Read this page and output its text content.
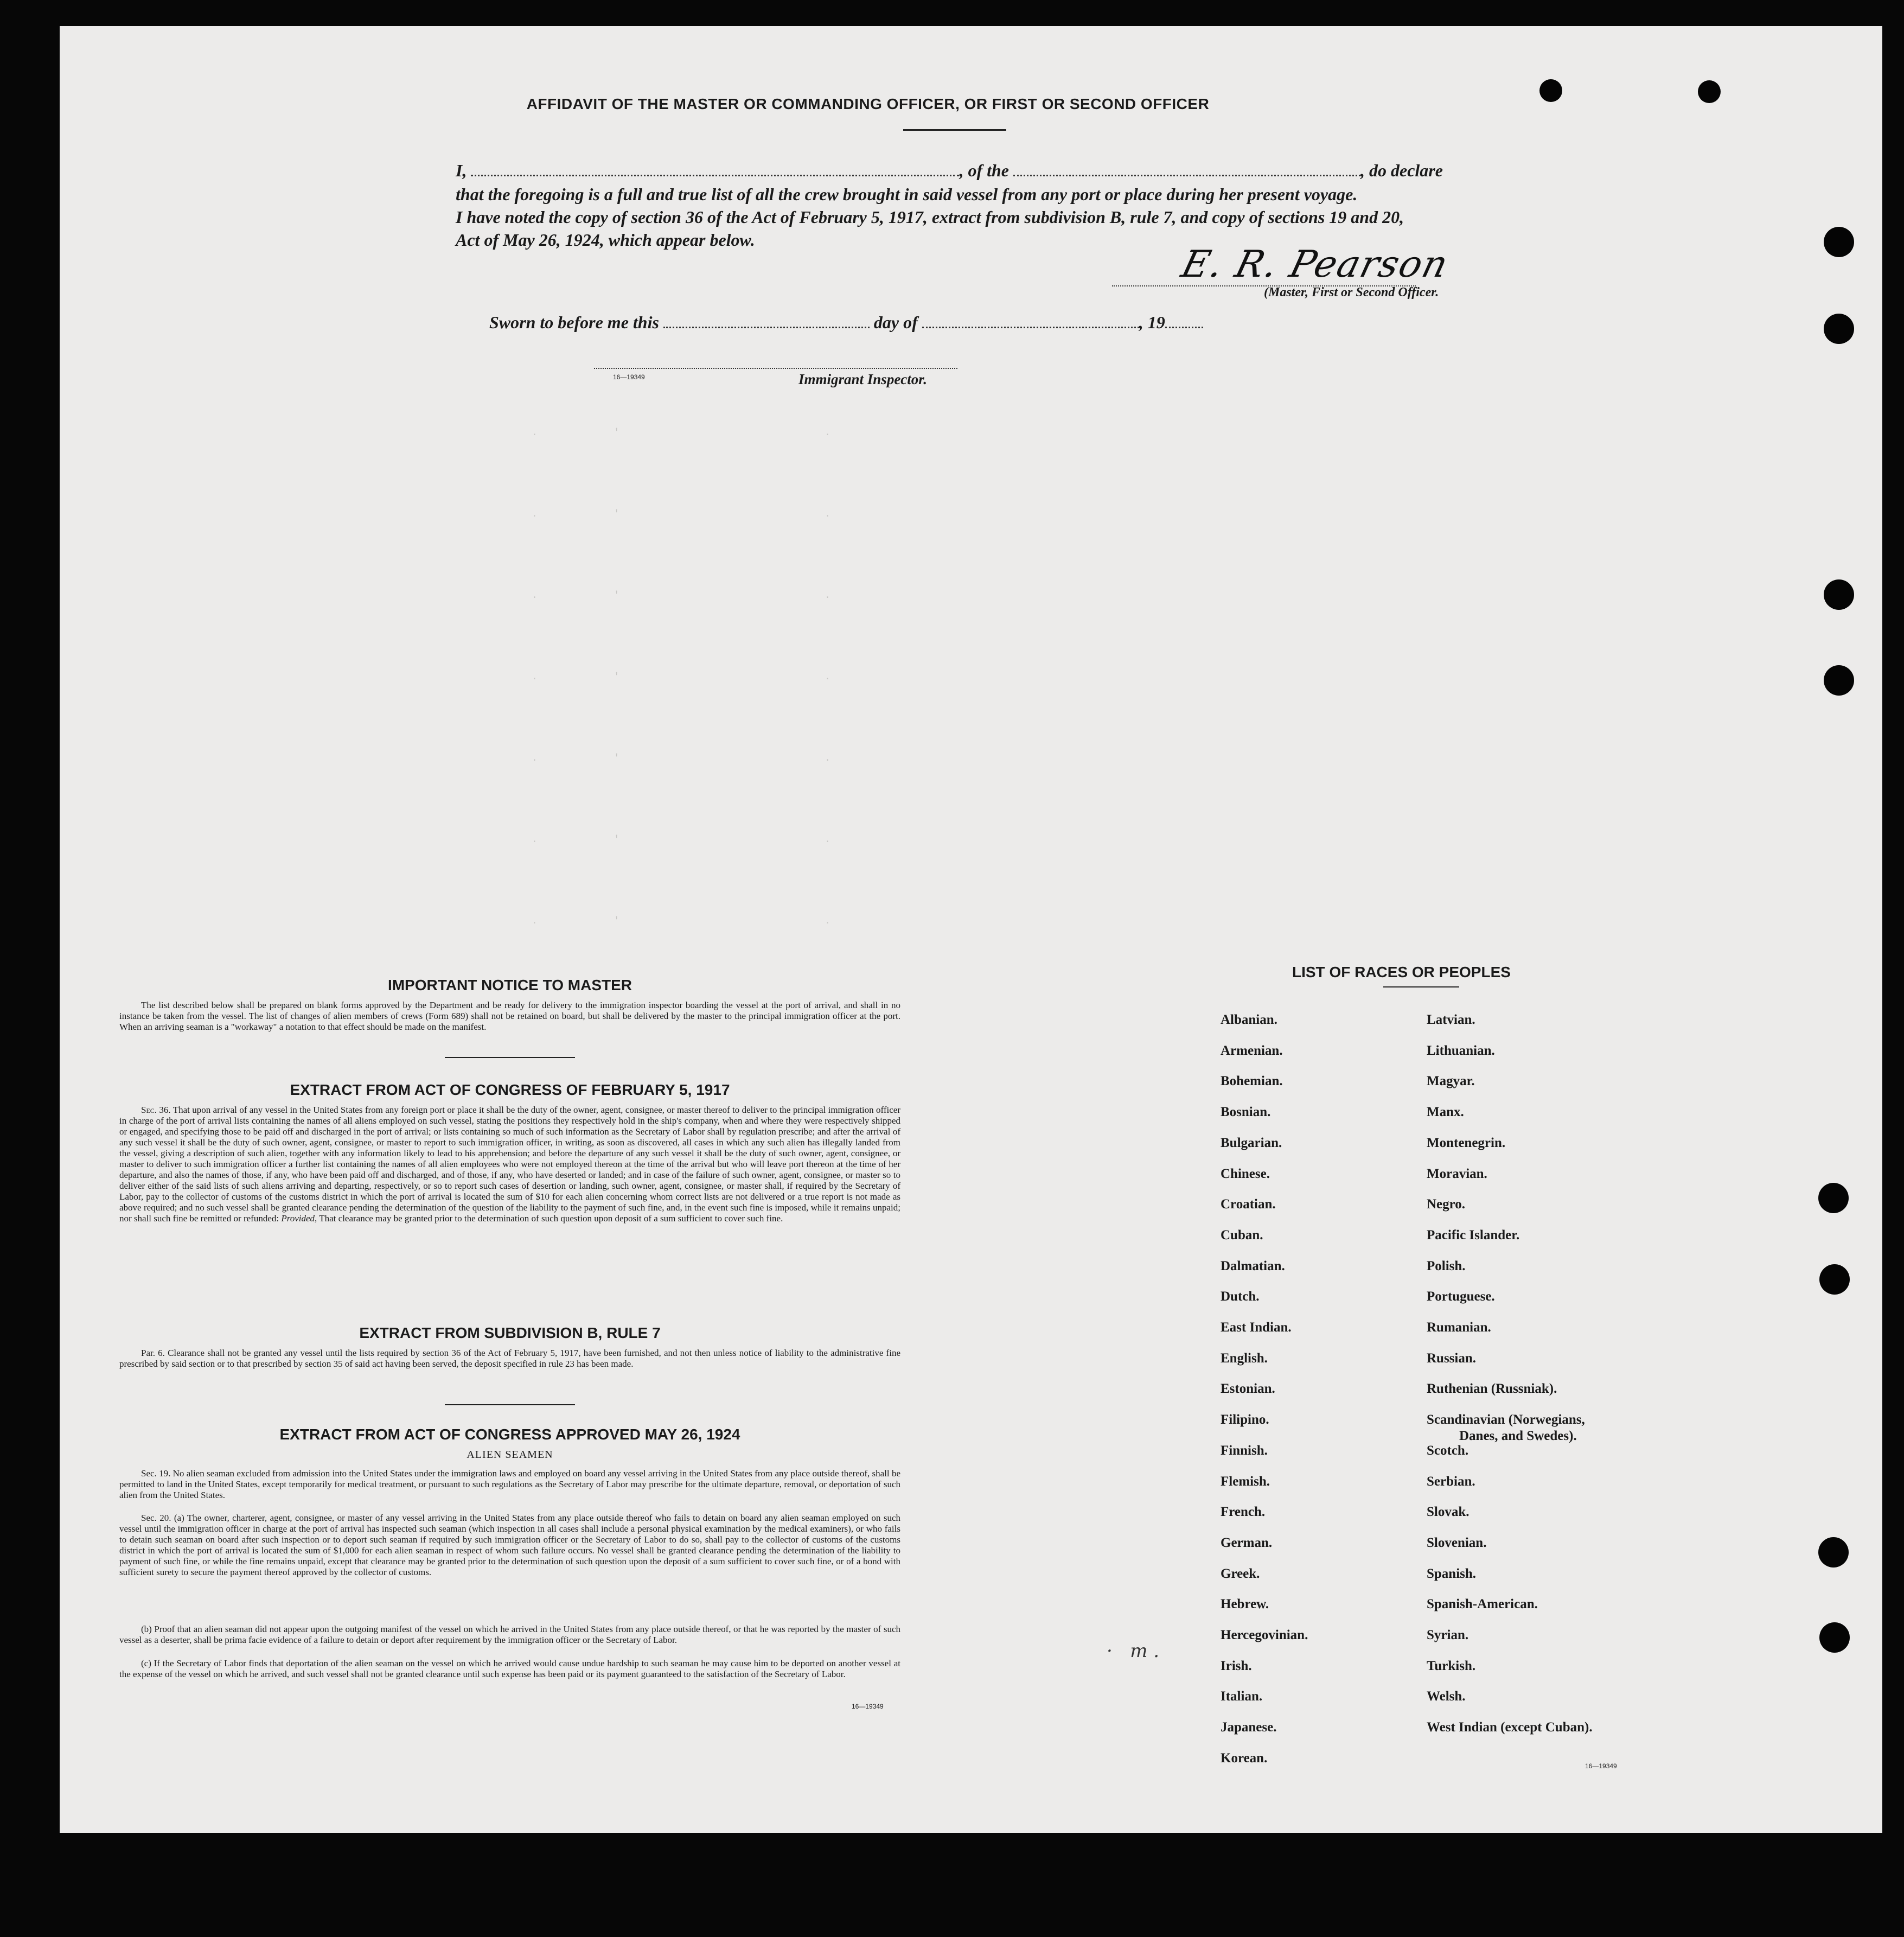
.             '                                   .
.             '                                   .
.             '                                   .
.             '                                   .
.             '                                   .
.             '                                   .
.             '                                   .
AFFIDAVIT OF THE MASTER OR COMMANDING OFFICER, OR FIRST OR SECOND OFFICER
I,	, of the	, do declare
that the foregoing is a full and true list of all the crew brought in said vessel from any port or place during her present voyage.
I have noted the copy of section 36 of the Act of February 5, 1917, extract from subdivision B, rule 7, and copy of sections 19 and 20,
Act of May 26, 1924, which appear below.
E. R. Pearson
(Master, First or Second Officer.
Sworn to before me this	day of	, 19
16—19349	Immigrant Inspector.
IMPORTANT NOTICE TO MASTER
The list described below shall be prepared on blank forms approved by the Department and be ready for delivery to the immigration inspector boarding the vessel at the port of arrival, and shall in no instance be taken from the vessel. The list of changes of alien members of crews (Form 689) shall not be retained on board, but shall be delivered by the master to the principal immigration officer at the port. When an arriving seaman is a "workaway" a notation to that effect should be made on the manifest.
EXTRACT FROM ACT OF CONGRESS OF FEBRUARY 5, 1917
Sec. 36. That upon arrival of any vessel in the United States from any foreign port or place it shall be the duty of the owner, agent, consignee, or master thereof to deliver to the principal immigration officer in charge of the port of arrival lists containing the names of all aliens employed on such vessel, stating the positions they respectively hold in the ship's company, when and where they were respectively shipped or engaged, and specifying those to be paid off and discharged in the port of arrival; or lists containing so much of such information as the Secretary of Labor shall by regulation prescribe; and after the arrival of any such vessel it shall be the duty of such owner, agent, consignee, or master to report to such immigration officer, in writing, as soon as discovered, all cases in which any such alien has illegally landed from the vessel, giving a description of such alien, together with any information likely to lead to his apprehension; and before the departure of any such vessel it shall be the duty of such owner, agent, consignee, or master to deliver to such immigration officer a further list containing the names of all alien employees who were not employed thereon at the time of the arrival but who will leave port thereon at the time of her departure, and also the names of those, if any, who have been paid off and discharged, and of those, if any, who have deserted or landed; and in case of the failure of such owner, agent, consignee, or master so to deliver either of the said lists of such aliens arriving and departing, respectively, or so to report such cases of desertion or landing, such owner, agent, consignee, or master shall, if required by the Secretary of Labor, pay to the collector of customs of the customs district in which the port of arrival is located the sum of $10 for each alien concerning whom correct lists are not delivered or a true report is not made as above required; and no such vessel shall be granted clearance pending the determination of the question of the liability to the payment of such fine, and, in the event such fine is imposed, while it remains unpaid; nor shall such fine be remitted or refunded: Provided, That clearance may be granted prior to the determination of such question upon deposit of a sum sufficient to cover such fine.
EXTRACT FROM SUBDIVISION B, RULE 7
Par. 6. Clearance shall not be granted any vessel until the lists required by section 36 of the Act of February 5, 1917, have been furnished, and not then unless notice of liability to the administrative fine prescribed by said section or to that prescribed by section 35 of said act having been served, the deposit specified in rule 23 has been made.
EXTRACT FROM ACT OF CONGRESS APPROVED MAY 26, 1924
ALIEN SEAMEN
Sec. 19. No alien seaman excluded from admission into the United States under the immigration laws and employed on board any vessel arriving in the United States from any place outside thereof, shall be permitted to land in the United States, except temporarily for medical treatment, or pursuant to such regulations as the Secretary of Labor may prescribe for the ultimate departure, removal, or deportation of such alien from the United States.
Sec. 20. (a) The owner, charterer, agent, consignee, or master of any vessel arriving in the United States from any place outside thereof who fails to detain on board any alien seaman employed on such vessel until the immigration officer in charge at the port of arrival has inspected such seaman (which inspection in all cases shall include a personal physical examination by the medical examiners), or who fails to detain such seaman on board after such inspection or to deport such seaman if required by such immigration officer or the Secretary of Labor to do so, shall pay to the collector of customs of the customs district in which the port of arrival is located the sum of $1,000 for each alien seaman in respect of whom such failure occurs. No vessel shall be granted clearance pending the determination of the liability to payment of such fine, or while the fine remains unpaid, except that clearance may be granted prior to the determination of such question upon the deposit of a sum sufficient to cover such fine, or of a bond with sufficient surety to secure the payment thereof approved by the collector of customs.
(b) Proof that an alien seaman did not appear upon the outgoing manifest of the vessel on which he arrived in the United States from any place outside thereof, or that he was reported by the master of such vessel as a deserter, shall be prima facie evidence of a failure to detain or deport after requirement by the immigration officer or the Secretary of Labor.
(c) If the Secretary of Labor finds that deportation of the alien seaman on the vessel on which he arrived would cause undue hardship to such seaman he may cause him to be deported on another vessel at the expense of the vessel on which he arrived, and such vessel shall not be granted clearance until such expense has been paid or its payment guaranteed to the satisfaction of the Secretary of Labor.
16—19349
LIST OF RACES OR PEOPLES
Albanian.
Armenian.
Bohemian.
Bosnian.
Bulgarian.
Chinese.
Croatian.
Cuban.
Dalmatian.
Dutch.
East Indian.
English.
Estonian.
Filipino.
Finnish.
Flemish.
French.
German.
Greek.
Hebrew.
Hercegovinian.
Irish.
Italian.
Japanese.
Korean.
Latvian.
Lithuanian.
Magyar.
Manx.
Montenegrin.
Moravian.
Negro.
Pacific Islander.
Polish.
Portuguese.
Rumanian.
Russian.
Ruthenian (Russniak).
Scandinavian (Norwegians,
Danes, and Swedes).
Scotch.
Serbian.
Slovak.
Slovenian.
Spanish.
Spanish-American.
Syrian.
Turkish.
Welsh.
West Indian (except Cuban).
16—19349
·   m .
